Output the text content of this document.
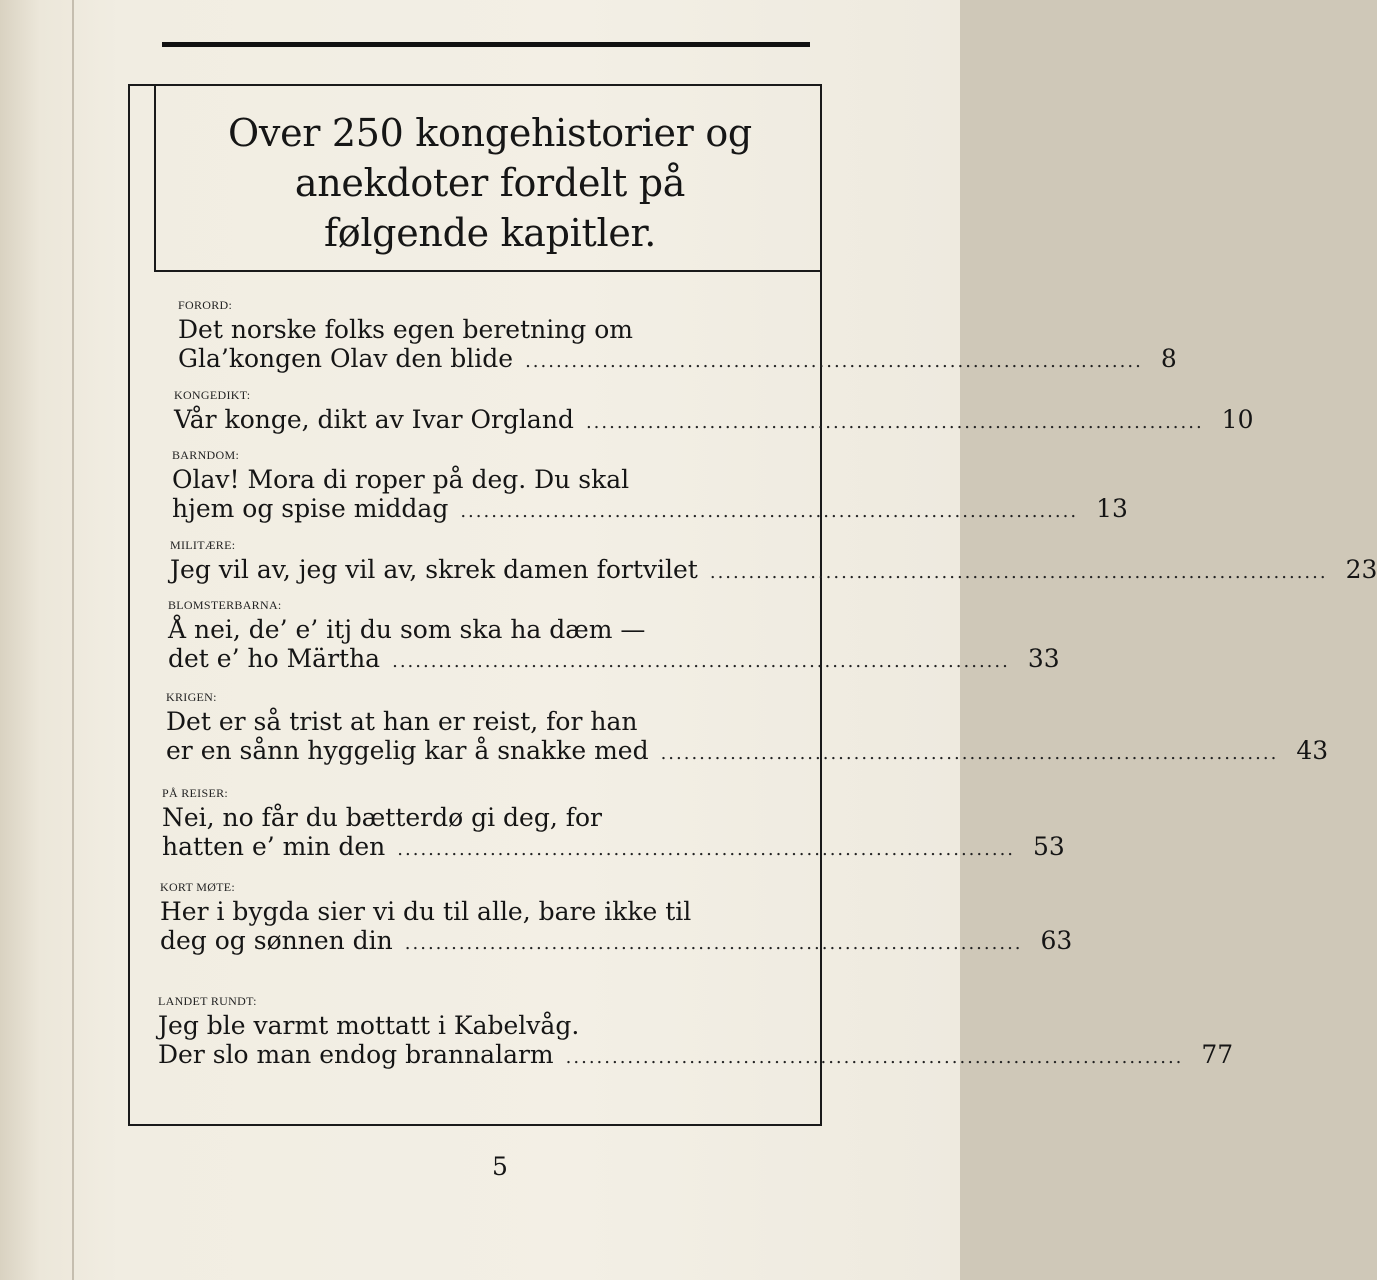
Over 250 kongehistorier og
anekdoter fordelt på
følgende kapitler.
FORORD:
Det norske folks egen beretning om
Gla’kongen Olav den blide ................................................................................ 8
KONGEDIKT:
Vår konge, dikt av Ivar Orgland ................................................................................ 10
BARNDOM:
Olav! Mora di roper på deg. Du skal
hjem og spise middag ................................................................................ 13
MILITÆRE:
Jeg vil av, jeg vil av, skrek damen fortvilet ................................................................................ 23
BLOMSTERBARNA:
Å nei, de’ e’ itj du som ska ha dæm —
det e’ ho Märtha ................................................................................ 33
KRIGEN:
Det er så trist at han er reist, for han
er en sånn hyggelig kar å snakke med ................................................................................ 43
PÅ REISER:
Nei, no får du bætterdø gi deg, for
hatten e’ min den ................................................................................ 53
KORT MØTE:
Her i bygda sier vi du til alle, bare ikke til
deg og sønnen din ................................................................................ 63
LANDET RUNDT:
Jeg ble varmt mottatt i Kabelvåg.
Der slo man endog brannalarm ................................................................................ 77
5
